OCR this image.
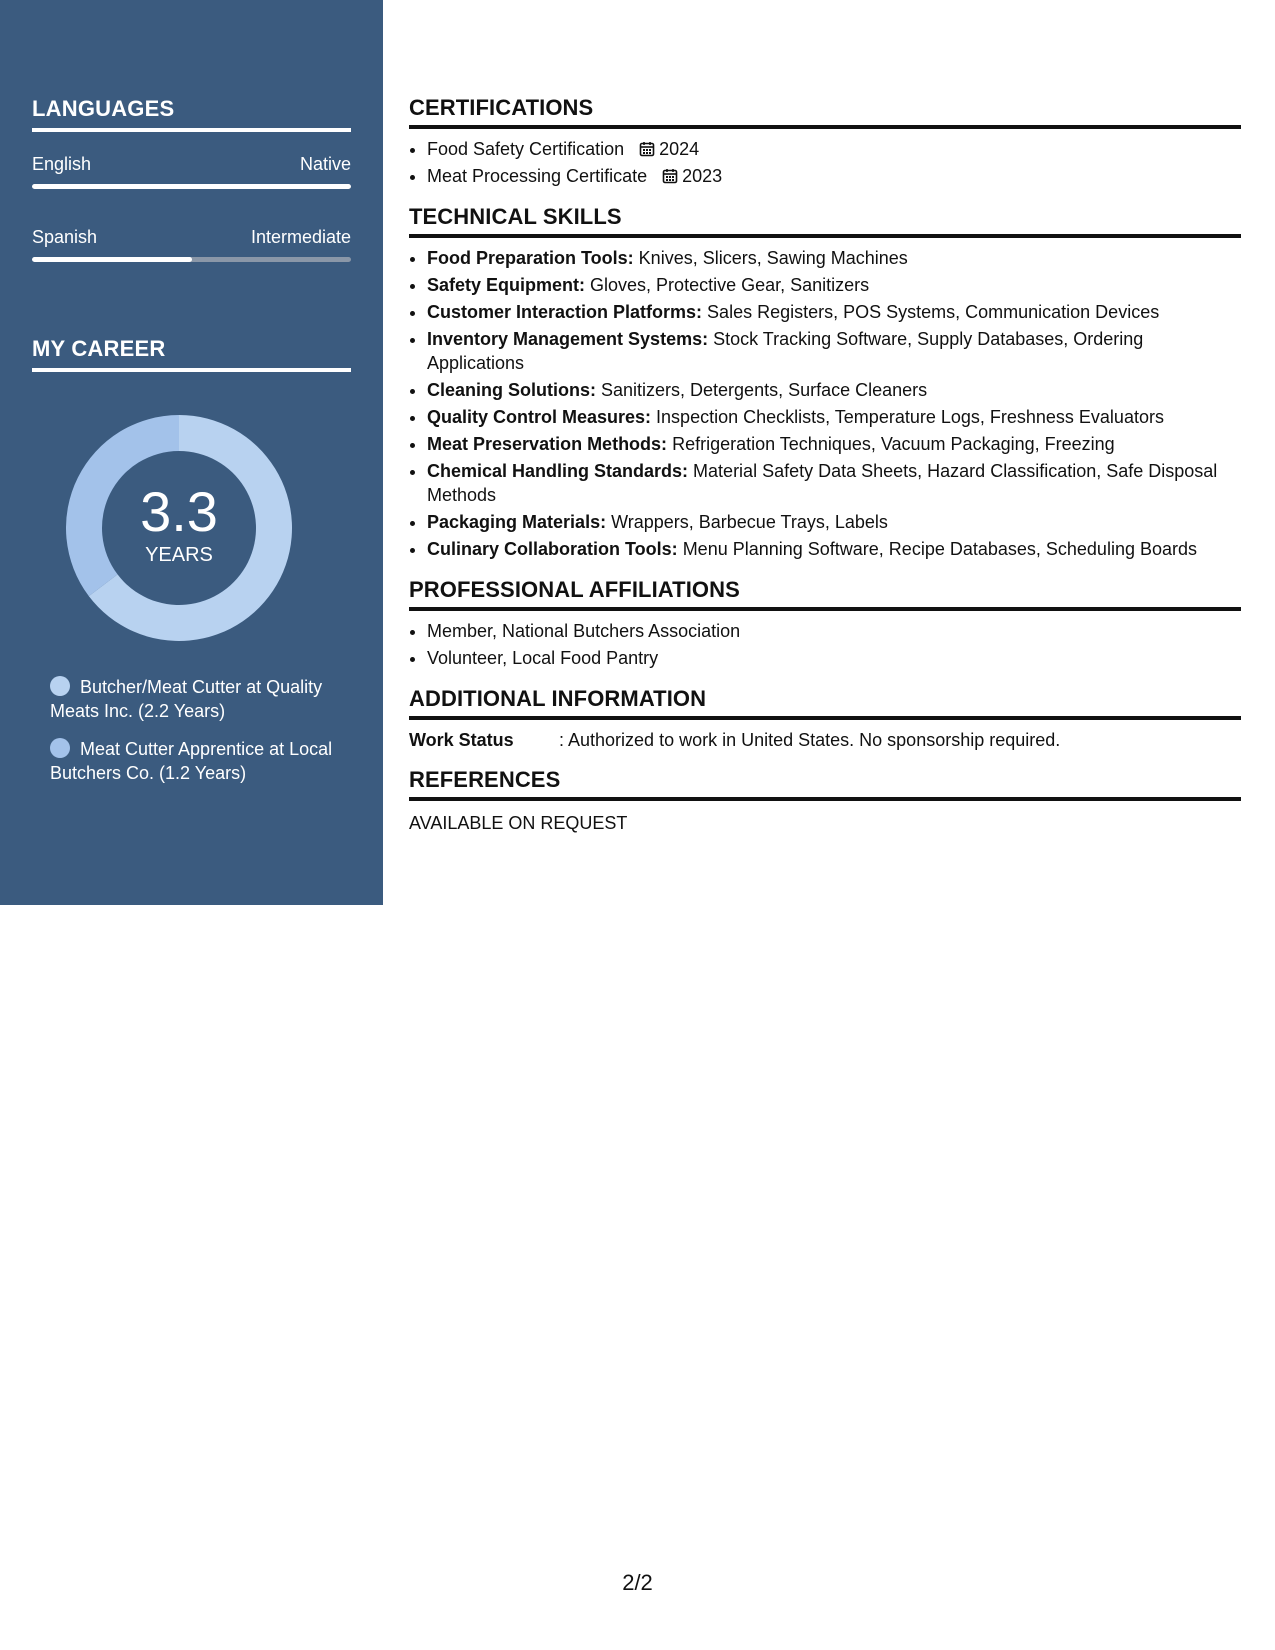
LANGUAGES
English	Native
Spanish	Intermediate
MY CAREER
3.3
YEARS
Butcher/Meat Cutter at Quality Meats Inc. (2.2 Years)
Meat Cutter Apprentice at Local Butchers Co. (1.2 Years)
CERTIFICATIONS
• Food Safety Certification 2024
• Meat Processing Certificate 2023
TECHNICAL SKILLS
• Food Preparation Tools: Knives, Slicers, Sawing Machines
• Safety Equipment: Gloves, Protective Gear, Sanitizers
• Customer Interaction Platforms: Sales Registers, POS Systems, Communication Devices
• Inventory Management Systems: Stock Tracking Software, Supply Databases, Ordering Applications
• Cleaning Solutions: Sanitizers, Detergents, Surface Cleaners
• Quality Control Measures: Inspection Checklists, Temperature Logs, Freshness Evaluators
• Meat Preservation Methods: Refrigeration Techniques, Vacuum Packaging, Freezing
• Chemical Handling Standards: Material Safety Data Sheets, Hazard Classification, Safe Disposal Methods
• Packaging Materials: Wrappers, Barbecue Trays, Labels
• Culinary Collaboration Tools: Menu Planning Software, Recipe Databases, Scheduling Boards
PROFESSIONAL AFFILIATIONS
• Member, National Butchers Association
• Volunteer, Local Food Pantry
ADDITIONAL INFORMATION
Work Status	: Authorized to work in United States. No sponsorship required.
REFERENCES
AVAILABLE ON REQUEST
2/2
